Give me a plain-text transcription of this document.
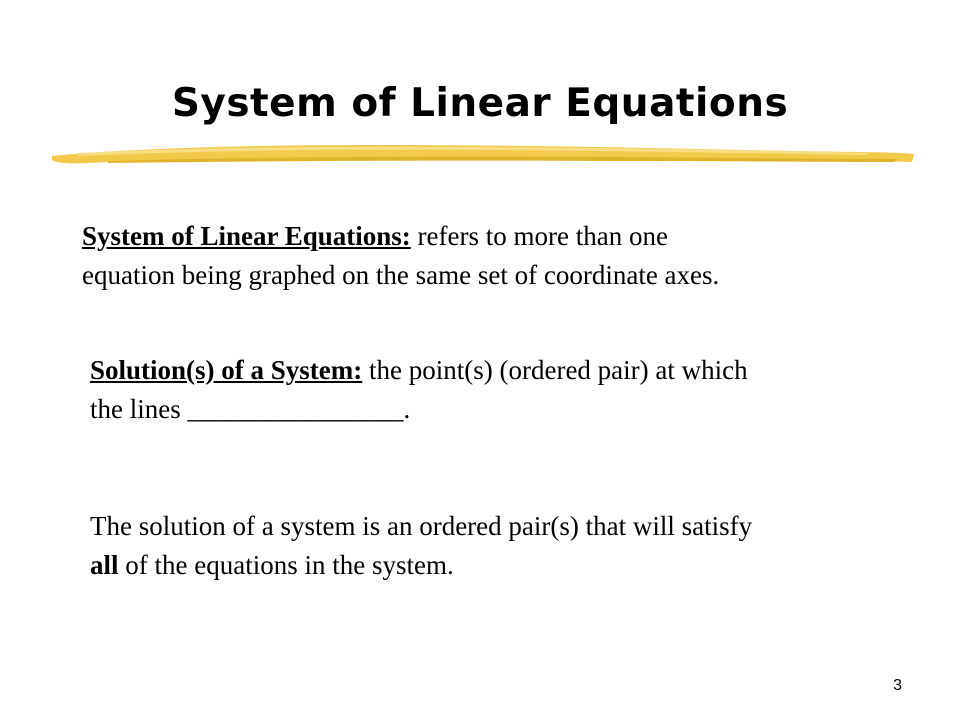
System of Linear Equations

System of Linear Equations: refers to more than one
equation being graphed on the same set of coordinate axes.

Solution(s) of a System: the point(s) (ordered pair) at which
the lines ________________.

The solution of a system is an ordered pair(s) that will satisfy
all of the equations in the system.

3
